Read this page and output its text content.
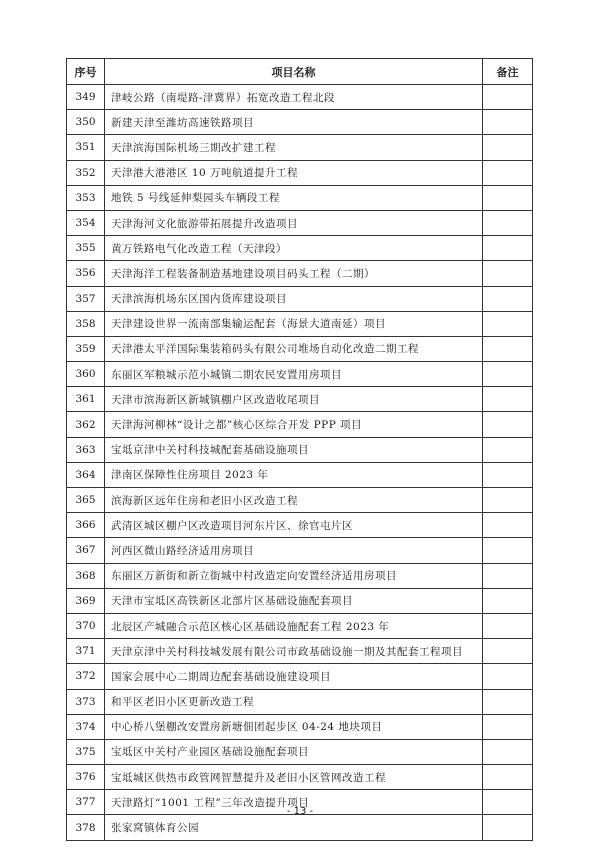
序号	项目名称	备注
349	津岐公路（南堤路-津冀界）拓宽改造工程北段	
350	新建天津至潍坊高速铁路项目	
351	天津滨海国际机场三期改扩建工程	
352	天津港大港港区 10 万吨航道提升工程	
353	地铁 5 号线延伸梨园头车辆段工程	
354	天津海河文化旅游带拓展提升改造项目	
355	黄万铁路电气化改造工程（天津段）	
356	天津海洋工程装备制造基地建设项目码头工程（二期）	
357	天津滨海机场东区国内货库建设项目	
358	天津建设世界一流南部集输运配套（海景大道南延）项目	
359	天津港太平洋国际集装箱码头有限公司堆场自动化改造二期工程	
360	东丽区军粮城示范小城镇二期农民安置用房项目	
361	天津市滨海新区新城镇棚户区改造收尾项目	
362	天津海河柳林“设计之都”核心区综合开发 PPP 项目	
363	宝坻京津中关村科技城配套基础设施项目	
364	津南区保障性住房项目 2023 年	
365	滨海新区远年住房和老旧小区改造工程	
366	武清区城区棚户区改造项目河东片区、徐官屯片区	
367	河西区微山路经济适用房项目	
368	东丽区万新街和新立街城中村改造定向安置经济适用房项目	
369	天津市宝坻区高铁新区北部片区基础设施配套项目	
370	北辰区产城融合示范区核心区基础设施配套工程 2023 年	
371	天津京津中关村科技城发展有限公司市政基础设施一期及其配套工程项目	
372	国家会展中心二期周边配套基础设施建设项目	
373	和平区老旧小区更新改造工程	
374	中心桥八堡棚改安置房新塘佃团起步区 04-24 地块项目	
375	宝坻区中关村产业园区基础设施配套项目	
376	宝坻城区供热市政管网智慧提升及老旧小区管网改造工程	
377	天津路灯“1001 工程”三年改造提升项目	
378	张家窝镇体育公园	
- 13 -
